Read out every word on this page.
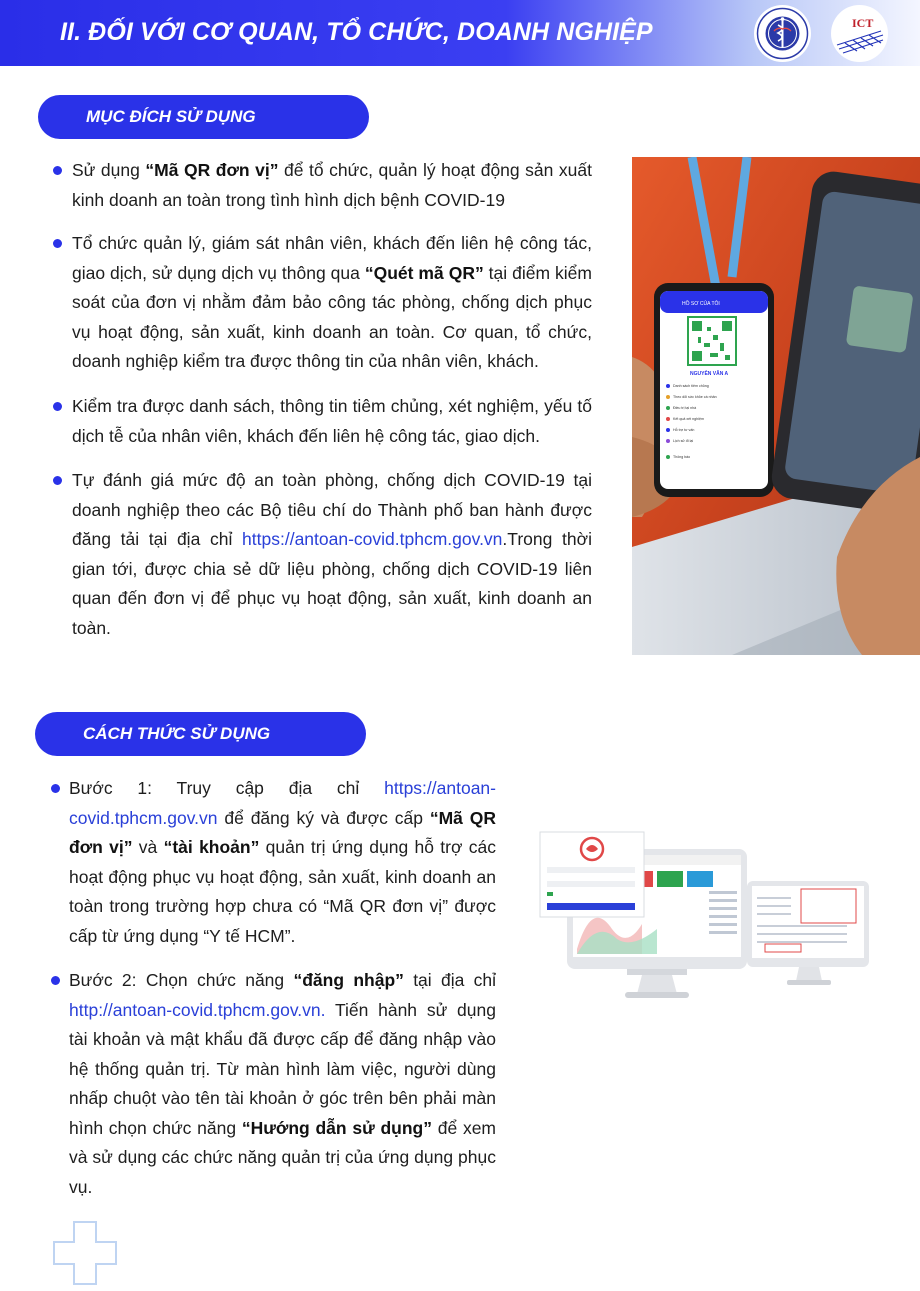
II. ĐỐI VỚI CƠ QUAN, TỔ CHỨC, DOANH NGHIỆP	ICT
MỤC ĐÍCH SỬ DỤNG
Sử dụng “Mã QR đơn vị” để tổ chức, quản lý hoạt động sản xuất kinh doanh an toàn trong tình hình dịch bệnh COVID-19
Tổ chức quản lý, giám sát nhân viên, khách đến liên hệ công tác, giao dịch, sử dụng dịch vụ thông qua “Quét mã QR” tại điểm kiểm soát của đơn vị nhằm đảm bảo công tác phòng, chống dịch phục vụ hoạt động, sản xuất, kinh doanh an toàn. Cơ quan, tổ chức, doanh nghiệp kiểm tra được thông tin của nhân viên, khách.
Kiểm tra được danh sách, thông tin tiêm chủng, xét nghiệm, yếu tố dịch tễ của nhân viên, khách đến liên hệ công tác, giao dịch.
Tự đánh giá mức độ an toàn phòng, chống dịch COVID-19 tại doanh nghiệp theo các Bộ tiêu chí do Thành phố ban hành được đăng tải tại địa chỉ https://antoan-covid.tphcm.gov.vn.Trong thời gian tới, được chia sẻ dữ liệu phòng, chống dịch COVID-19 liên quan đến đơn vị để phục vụ hoạt động, sản xuất, kinh doanh an toàn.
HỒ SƠ CỦA TÔI
NGUYỄN VĂN A
Danh sách tiêm chủng
Theo dõi sức khỏe cá nhân
Điều trị tại nhà
Kết quả xét nghiệm
Hỗ trợ tư vấn
Lịch sử đi lại
Thông báo
CÁCH THỨC SỬ DỤNG
Bước 1: Truy cập địa chỉ https://antoan-covid.tphcm.gov.vn để đăng ký và được cấp “Mã QR đơn vị” và “tài khoản” quản trị ứng dụng hỗ trợ các hoạt động phục vụ hoạt động, sản xuất, kinh doanh an toàn trong trường hợp chưa có “Mã QR đơn vị” được cấp từ ứng dụng “Y tế HCM”.
Bước 2: Chọn chức năng “đăng nhập” tại địa chỉ http://antoan-covid.tphcm.gov.vn. Tiến hành sử dụng tài khoản và mật khẩu đã được cấp để đăng nhập vào hệ thống quản trị. Từ màn hình làm việc, người dùng nhấp chuột vào tên tài khoản ở góc trên bên phải màn hình chọn chức năng “Hướng dẫn sử dụng” để xem và sử dụng các chức năng quản trị của ứng dụng phục vụ.
